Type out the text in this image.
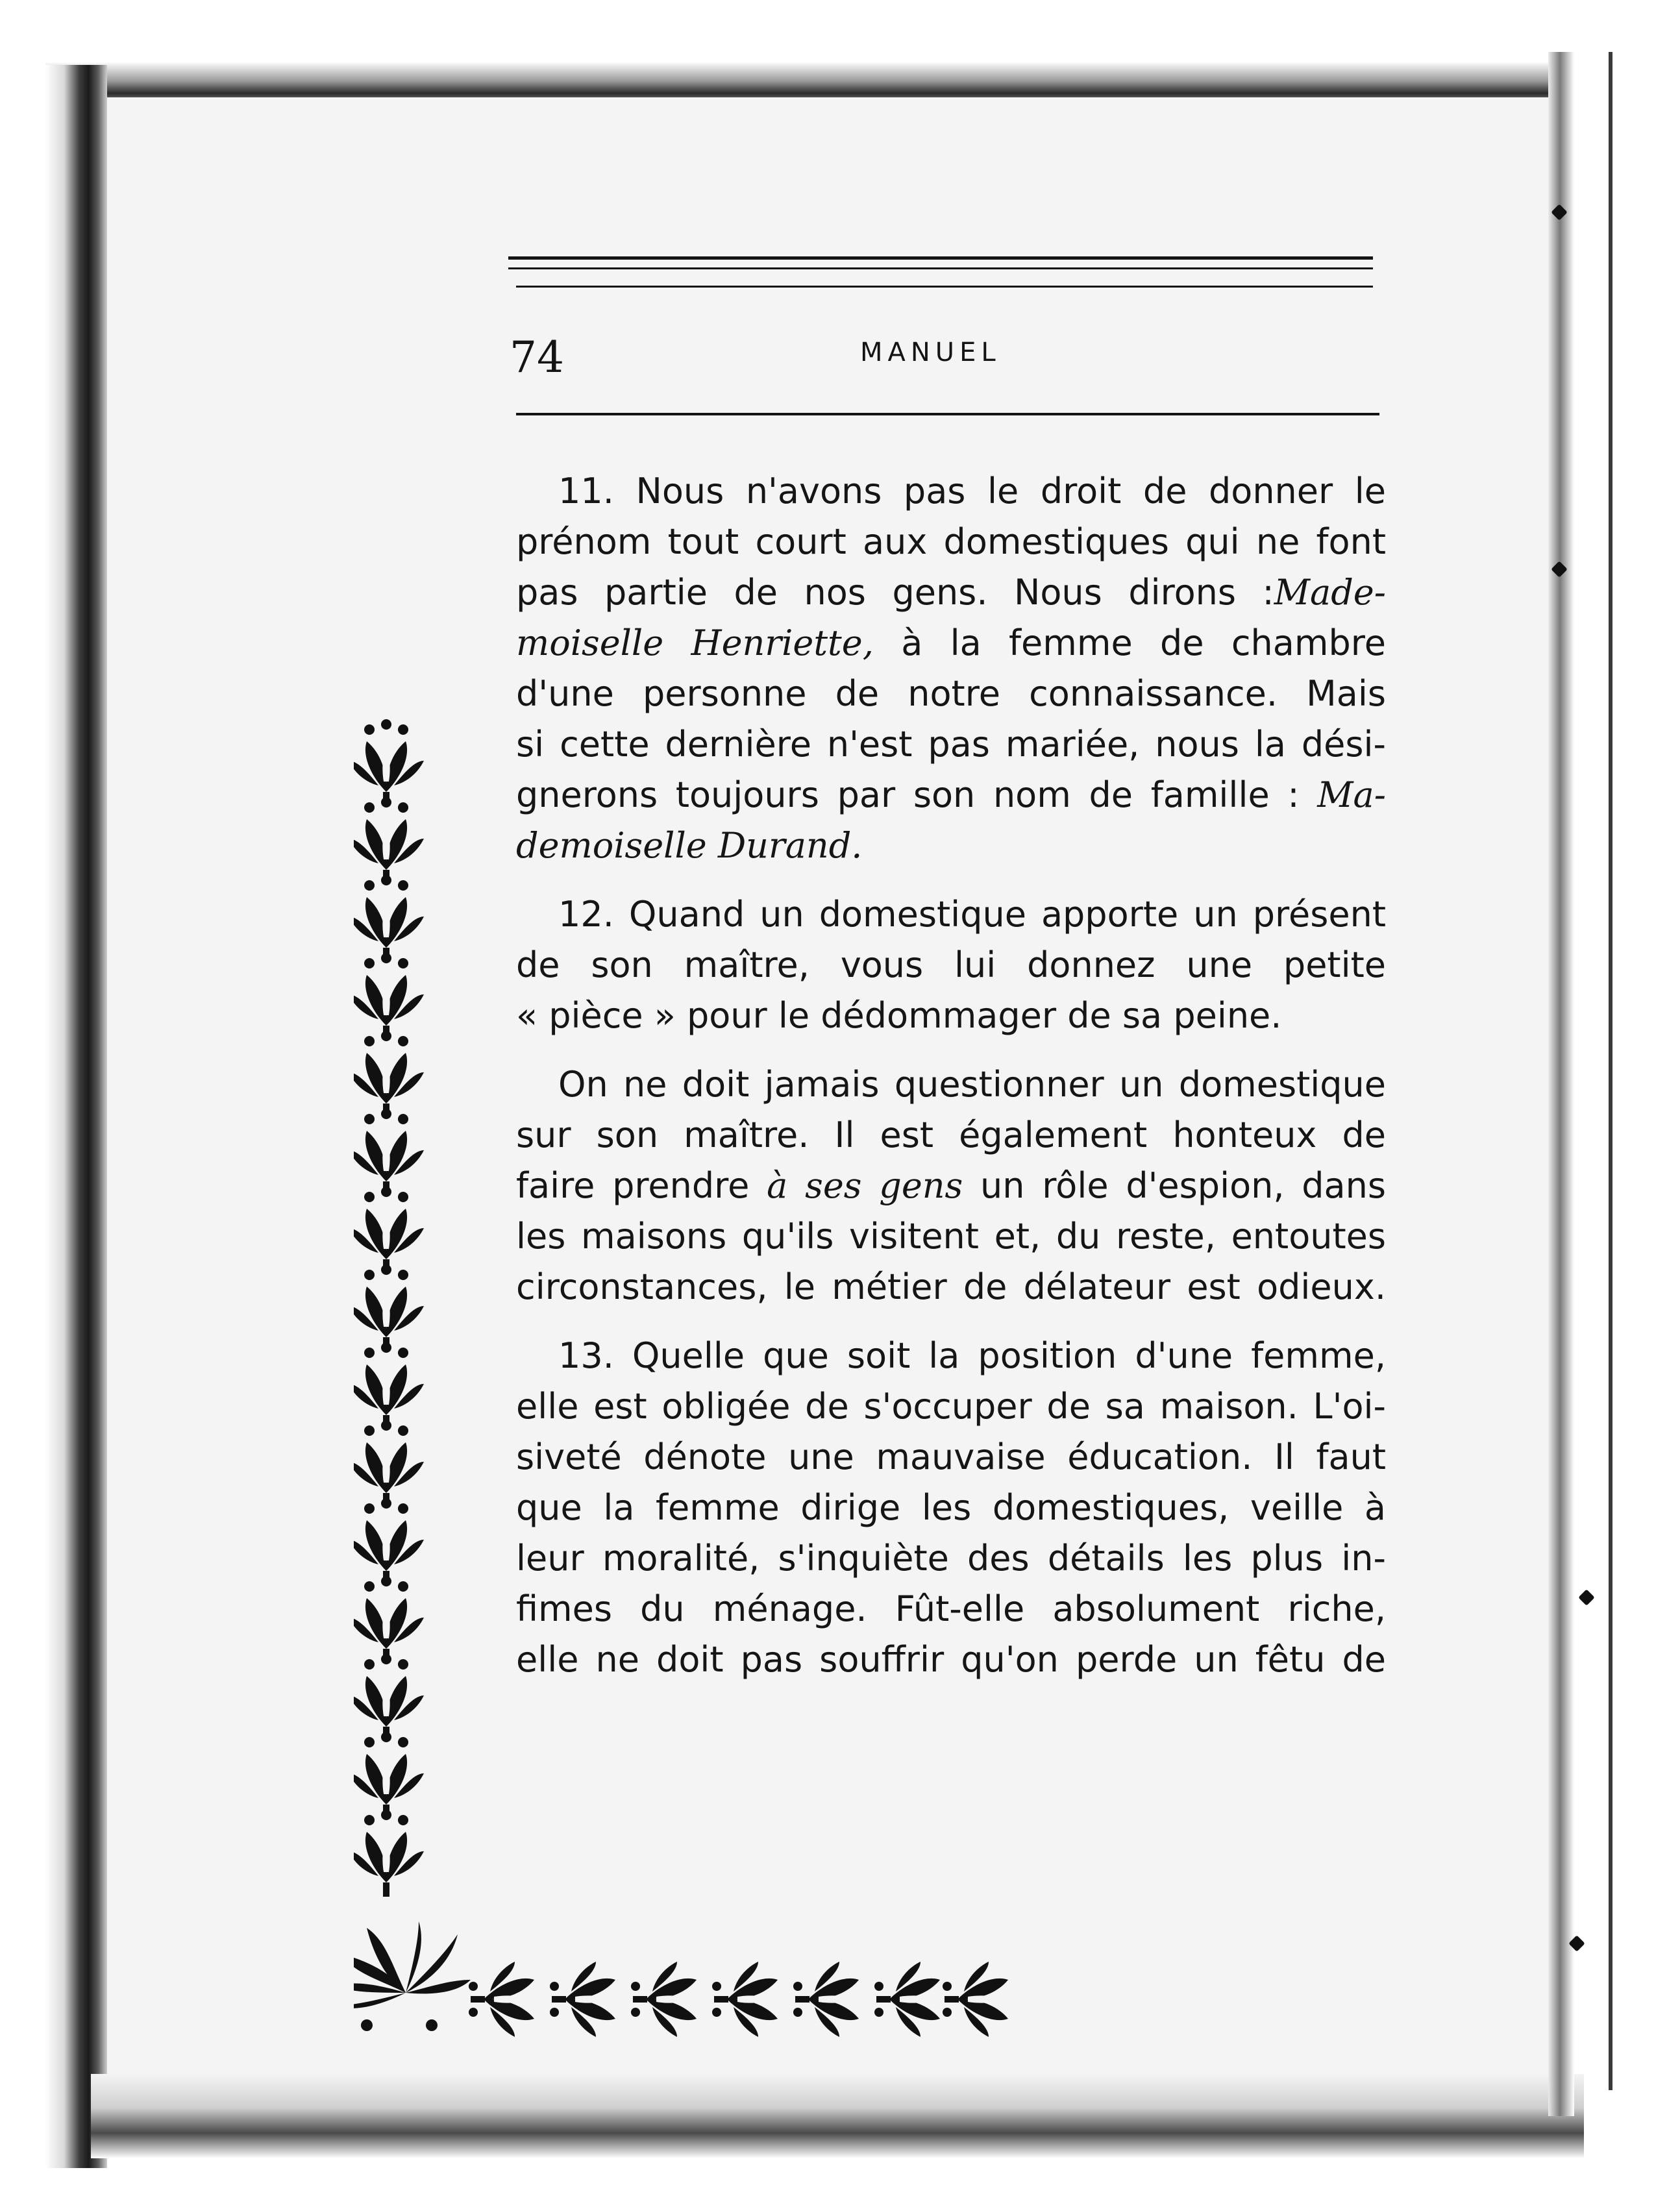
74	MANUEL
11. Nous n'avons pas le droit de donner le
prénom tout court aux domestiques qui ne font
pas partie de nos gens. Nous dirons :Made-
moiselle Henriette, à la femme de chambre
d'une personne de notre connaissance. Mais
si cette dernière n'est pas mariée, nous la dési-
gnerons toujours par son nom de famille : Ma-
demoiselle Durand.
12. Quand un domestique apporte un présent
de son maître, vous lui donnez une petite
« pièce » pour le dédommager de sa peine.
On ne doit jamais questionner un domestique
sur son maître. Il est également honteux de
faire prendre à ses gens un rôle d'espion, dans
les maisons qu'ils visitent et, du reste, entoutes
circonstances, le métier de délateur est odieux.
13. Quelle que soit la position d'une femme,
elle est obligée de s'occuper de sa maison. L'oi-
siveté dénote une mauvaise éducation. Il faut
que la femme dirige les domestiques, veille à
leur moralité, s'inquiète des détails les plus in-
fimes du ménage. Fût-elle absolument riche,
elle ne doit pas souffrir qu'on perde un fêtu de
